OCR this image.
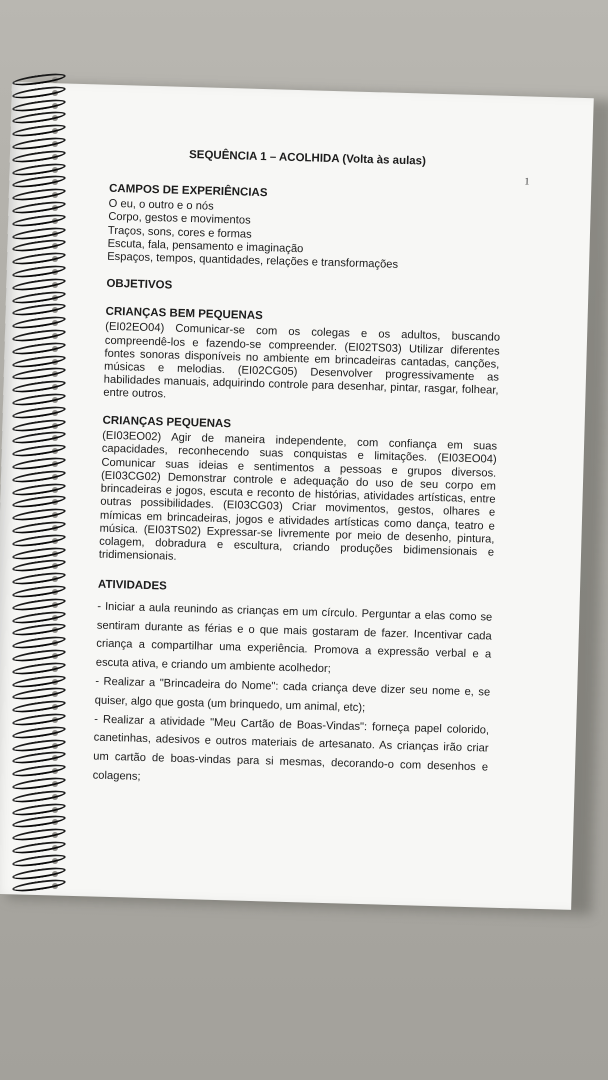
1
SEQUÊNCIA 1 – ACOLHIDA (Volta às aulas)
CAMPOS DE EXPERIÊNCIAS
O eu, o outro e o nós
Corpo, gestos e movimentos
Traços, sons, cores e formas
Escuta, fala, pensamento e imaginação
Espaços, tempos, quantidades, relações e transformações
OBJETIVOS
CRIANÇAS BEM PEQUENAS
(EI02EO04) Comunicar-se com os colegas e os adultos, buscando compreendê-los e fazendo-se compreender. (EI02TS03) Utilizar diferentes fontes sonoras disponíveis no ambiente em brincadeiras cantadas, canções, músicas e melodias. (EI02CG05) Desenvolver progressivamente as habilidades manuais, adquirindo controle para desenhar, pintar, rasgar, folhear, entre outros.
CRIANÇAS PEQUENAS
(EI03EO02) Agir de maneira independente, com confiança em suas capacidades, reconhecendo suas conquistas e limitações. (EI03EO04) Comunicar suas ideias e sentimentos a pessoas e grupos diversos. (EI03CG02) Demonstrar controle e adequação do uso de seu corpo em brincadeiras e jogos, escuta e reconto de histórias, atividades artísticas, entre outras possibilidades. (EI03CG03) Criar movimentos, gestos, olhares e mímicas em brincadeiras, jogos e atividades artísticas como dança, teatro e música. (EI03TS02) Expressar-se livremente por meio de desenho, pintura, colagem, dobradura e escultura, criando produções bidimensionais e tridimensionais.
ATIVIDADES

- Iniciar a aula reunindo as crianças em um círculo. Perguntar a elas como se sentiram durante as férias e o que mais gostaram de fazer. Incentivar cada criança a compartilhar uma experiência. Promova a expressão verbal e a escuta ativa, e criando um ambiente acolhedor;

- Realizar a "Brincadeira do Nome": cada criança deve dizer seu nome e, se quiser, algo que gosta (um brinquedo, um animal, etc);

- Realizar a atividade "Meu Cartão de Boas-Vindas": forneça papel colorido, canetinhas, adesivos e outros materiais de artesanato. As crianças irão criar um cartão de boas-vindas para si mesmas, decorando-o com desenhos e colagens;
